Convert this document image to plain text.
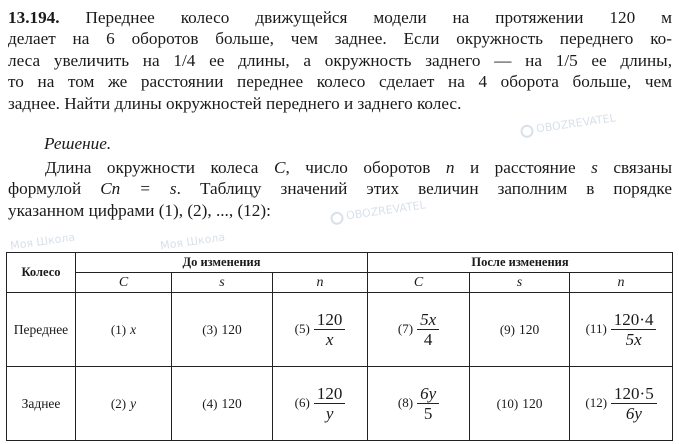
13.194. Переднее колесо движущейся модели на протяжении 120 м
делает на 6 оборотов больше, чем заднее. Если окружность переднего ко-
леса увеличить на 1/4 ее длины, а окружность заднего — на 1/5 ее длины,
то на том же расстоянии переднее колесо сделает на 4 оборота больше, чем
заднее. Найти длины окружностей переднего и заднего колес.
Решение.
Длина окружности колеса C, число оборотов n и расстояние s связаны
формулой Cn = s. Таблицу значений этих величин заполним в порядке
указанном цифрами (1), (2), ..., (12):
Колесо	До изменения			После изменения		
	C	s	n	C	s	n
Переднее	(1) x	(3) 120	$(5) \frac{120}{x}$	$(7) \frac{5x}{4}$	(9) 120	$(11) \frac{120\cdot 4}{5x}$

Заднее	(2) y	(4) 120	$(6) \frac{120}{y}$	$(8) \frac{6y}{5}$	(10) 120	$(12) \frac{120\cdot 5}{6y}$
OBOZREVATEL
OBOZREVATEL
Моя Школа	Моя Школа
